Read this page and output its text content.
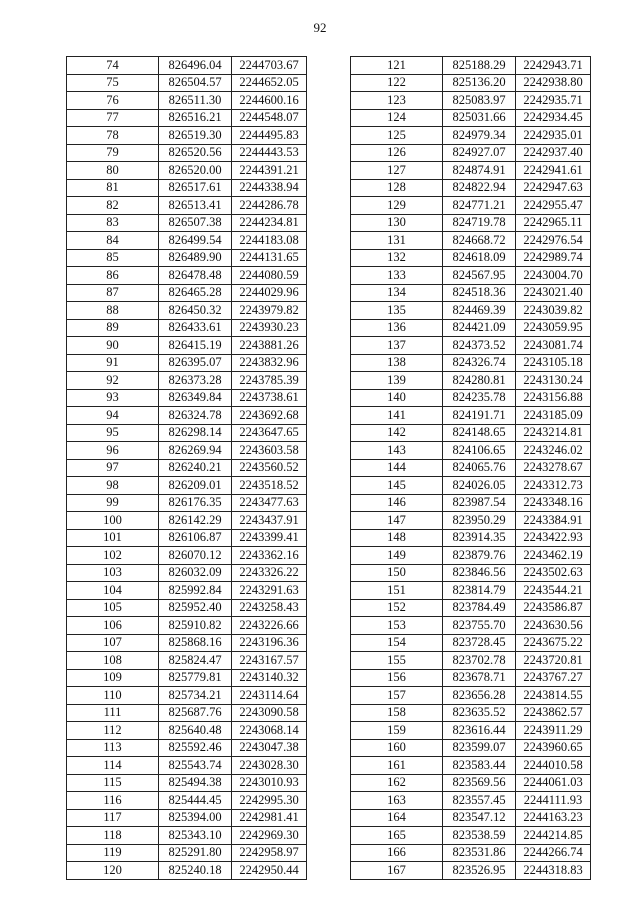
92
74	826496.04	2244703.67
75	826504.57	2244652.05
76	826511.30	2244600.16
77	826516.21	2244548.07
78	826519.30	2244495.83
79	826520.56	2244443.53
80	826520.00	2244391.21
81	826517.61	2244338.94
82	826513.41	2244286.78
83	826507.38	2244234.81
84	826499.54	2244183.08
85	826489.90	2244131.65
86	826478.48	2244080.59
87	826465.28	2244029.96
88	826450.32	2243979.82
89	826433.61	2243930.23
90	826415.19	2243881.26
91	826395.07	2243832.96
92	826373.28	2243785.39
93	826349.84	2243738.61
94	826324.78	2243692.68
95	826298.14	2243647.65
96	826269.94	2243603.58
97	826240.21	2243560.52
98	826209.01	2243518.52
99	826176.35	2243477.63
100	826142.29	2243437.91
101	826106.87	2243399.41
102	826070.12	2243362.16
103	826032.09	2243326.22
104	825992.84	2243291.63
105	825952.40	2243258.43
106	825910.82	2243226.66
107	825868.16	2243196.36
108	825824.47	2243167.57
109	825779.81	2243140.32
110	825734.21	2243114.64
111	825687.76	2243090.58
112	825640.48	2243068.14
113	825592.46	2243047.38
114	825543.74	2243028.30
115	825494.38	2243010.93
116	825444.45	2242995.30
117	825394.00	2242981.41
118	825343.10	2242969.30
119	825291.80	2242958.97
120	825240.18	2242950.44
121	825188.29	2242943.71
122	825136.20	2242938.80
123	825083.97	2242935.71
124	825031.66	2242934.45
125	824979.34	2242935.01
126	824927.07	2242937.40
127	824874.91	2242941.61
128	824822.94	2242947.63
129	824771.21	2242955.47
130	824719.78	2242965.11
131	824668.72	2242976.54
132	824618.09	2242989.74
133	824567.95	2243004.70
134	824518.36	2243021.40
135	824469.39	2243039.82
136	824421.09	2243059.95
137	824373.52	2243081.74
138	824326.74	2243105.18
139	824280.81	2243130.24
140	824235.78	2243156.88
141	824191.71	2243185.09
142	824148.65	2243214.81
143	824106.65	2243246.02
144	824065.76	2243278.67
145	824026.05	2243312.73
146	823987.54	2243348.16
147	823950.29	2243384.91
148	823914.35	2243422.93
149	823879.76	2243462.19
150	823846.56	2243502.63
151	823814.79	2243544.21
152	823784.49	2243586.87
153	823755.70	2243630.56
154	823728.45	2243675.22
155	823702.78	2243720.81
156	823678.71	2243767.27
157	823656.28	2243814.55
158	823635.52	2243862.57
159	823616.44	2243911.29
160	823599.07	2243960.65
161	823583.44	2244010.58
162	823569.56	2244061.03
163	823557.45	2244111.93
164	823547.12	2244163.23
165	823538.59	2244214.85
166	823531.86	2244266.74
167	823526.95	2244318.83
